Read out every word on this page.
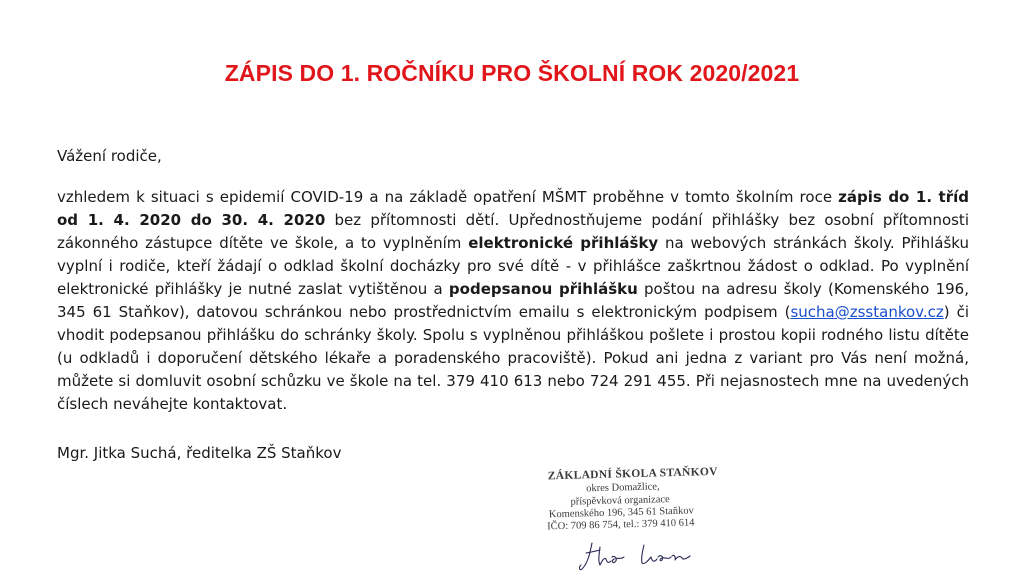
ZÁPIS DO 1. ROČNÍKU PRO ŠKOLNÍ ROK 2020/2021
Vážení rodiče,
vzhledem k situaci s epidemií COVID-19 a na základě opatření MŠMT proběhne v tomto školním roce zápis do 1. tříd od 1. 4. 2020 do 30. 4. 2020 bez přítomnosti dětí. Upřednostňujeme podání přihlášky bez osobní přítomnosti zákonného zástupce dítěte ve škole, a to vyplněním elektronické přihlášky na webových stránkách školy. Přihlášku vyplní i rodiče, kteří žádají o odklad školní docházky pro své dítě - v přihlášce zaškrtnou žádost o odklad. Po vyplnění elektronické přihlášky je nutné zaslat vytištěnou a podepsanou přihlášku poštou na adresu školy (Komenského 196, 345 61 Staňkov), datovou schránkou nebo prostřednictvím emailu s elektronickým podpisem (sucha@zsstankov.cz) či vhodit podepsanou přihlášku do schránky školy. Spolu s vyplněnou přihláškou pošlete i prostou kopii rodného listu dítěte (u odkladů i doporučení dětského lékaře a poradenského pracoviště). Pokud ani jedna z variant pro Vás není možná, můžete si domluvit osobní schůzku ve škole na tel. 379 410 613 nebo 724 291 455. Při nejasnostech mne na uvedených číslech neváhejte kontaktovat.
Mgr. Jitka Suchá, ředitelka ZŠ Staňkov
ZÁKLADNÍ ŠKOLA STAŇKOV
okres Domažlice,
příspěvková organizace
Komenského 196, 345 61 Staňkov
IČO: 709 86 754, tel.: 379 410 614
